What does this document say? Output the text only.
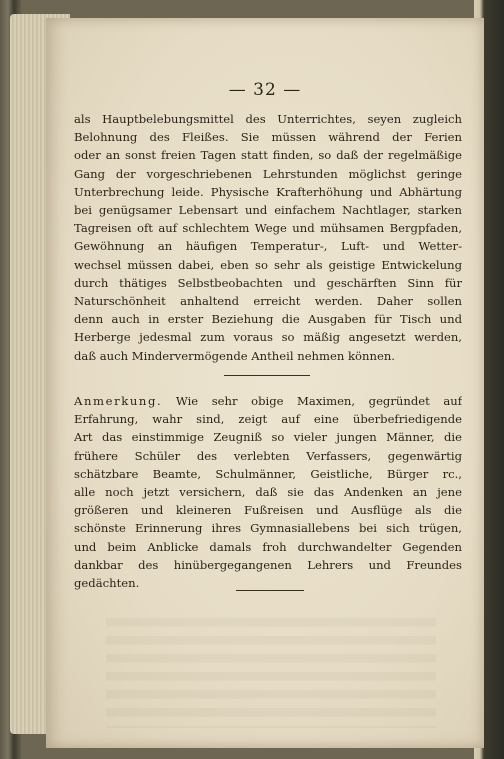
— 32 —
als Hauptbelebungsmittel des Unterrichtes, seyen zugleich
Belohnung des Fleißes. Sie müssen während der Ferien
oder an sonst freien Tagen statt finden, so daß der regelmäßige
Gang der vorgeschriebenen Lehrstunden möglichst geringe
Unterbrechung leide. Physische Krafterhöhung und Abhärtung
bei genügsamer Lebensart und einfachem Nachtlager, starken
Tagreisen oft auf schlechtem Wege und mühsamen Bergpfaden,
Gewöhnung an häufigen Temperatur-, Luft- und Wetter-
wechsel müssen dabei, eben so sehr als geistige Entwickelung
durch thätiges Selbstbeobachten und geschärften Sinn für
Naturschönheit anhaltend erreicht werden. Daher sollen
denn auch in erster Beziehung die Ausgaben für Tisch und
Herberge jedesmal zum voraus so mäßig angesetzt werden,
daß auch Mindervermögende Antheil nehmen können.
Anmerkung. Wie sehr obige Maximen, gegründet auf
Erfahrung, wahr sind, zeigt auf eine überbefriedigende
Art das einstimmige Zeugniß so vieler jungen Männer, die
frühere Schüler des verlebten Verfassers, gegenwärtig
schätzbare Beamte, Schulmänner, Geistliche, Bürger rc.,
alle noch jetzt versichern, daß sie das Andenken an jene
größeren und kleineren Fußreisen und Ausflüge als die
schönste Erinnerung ihres Gymnasiallebens bei sich trügen,
und beim Anblicke damals froh durchwandelter Gegenden
dankbar des hinübergegangenen Lehrers und Freundes
gedächten.
